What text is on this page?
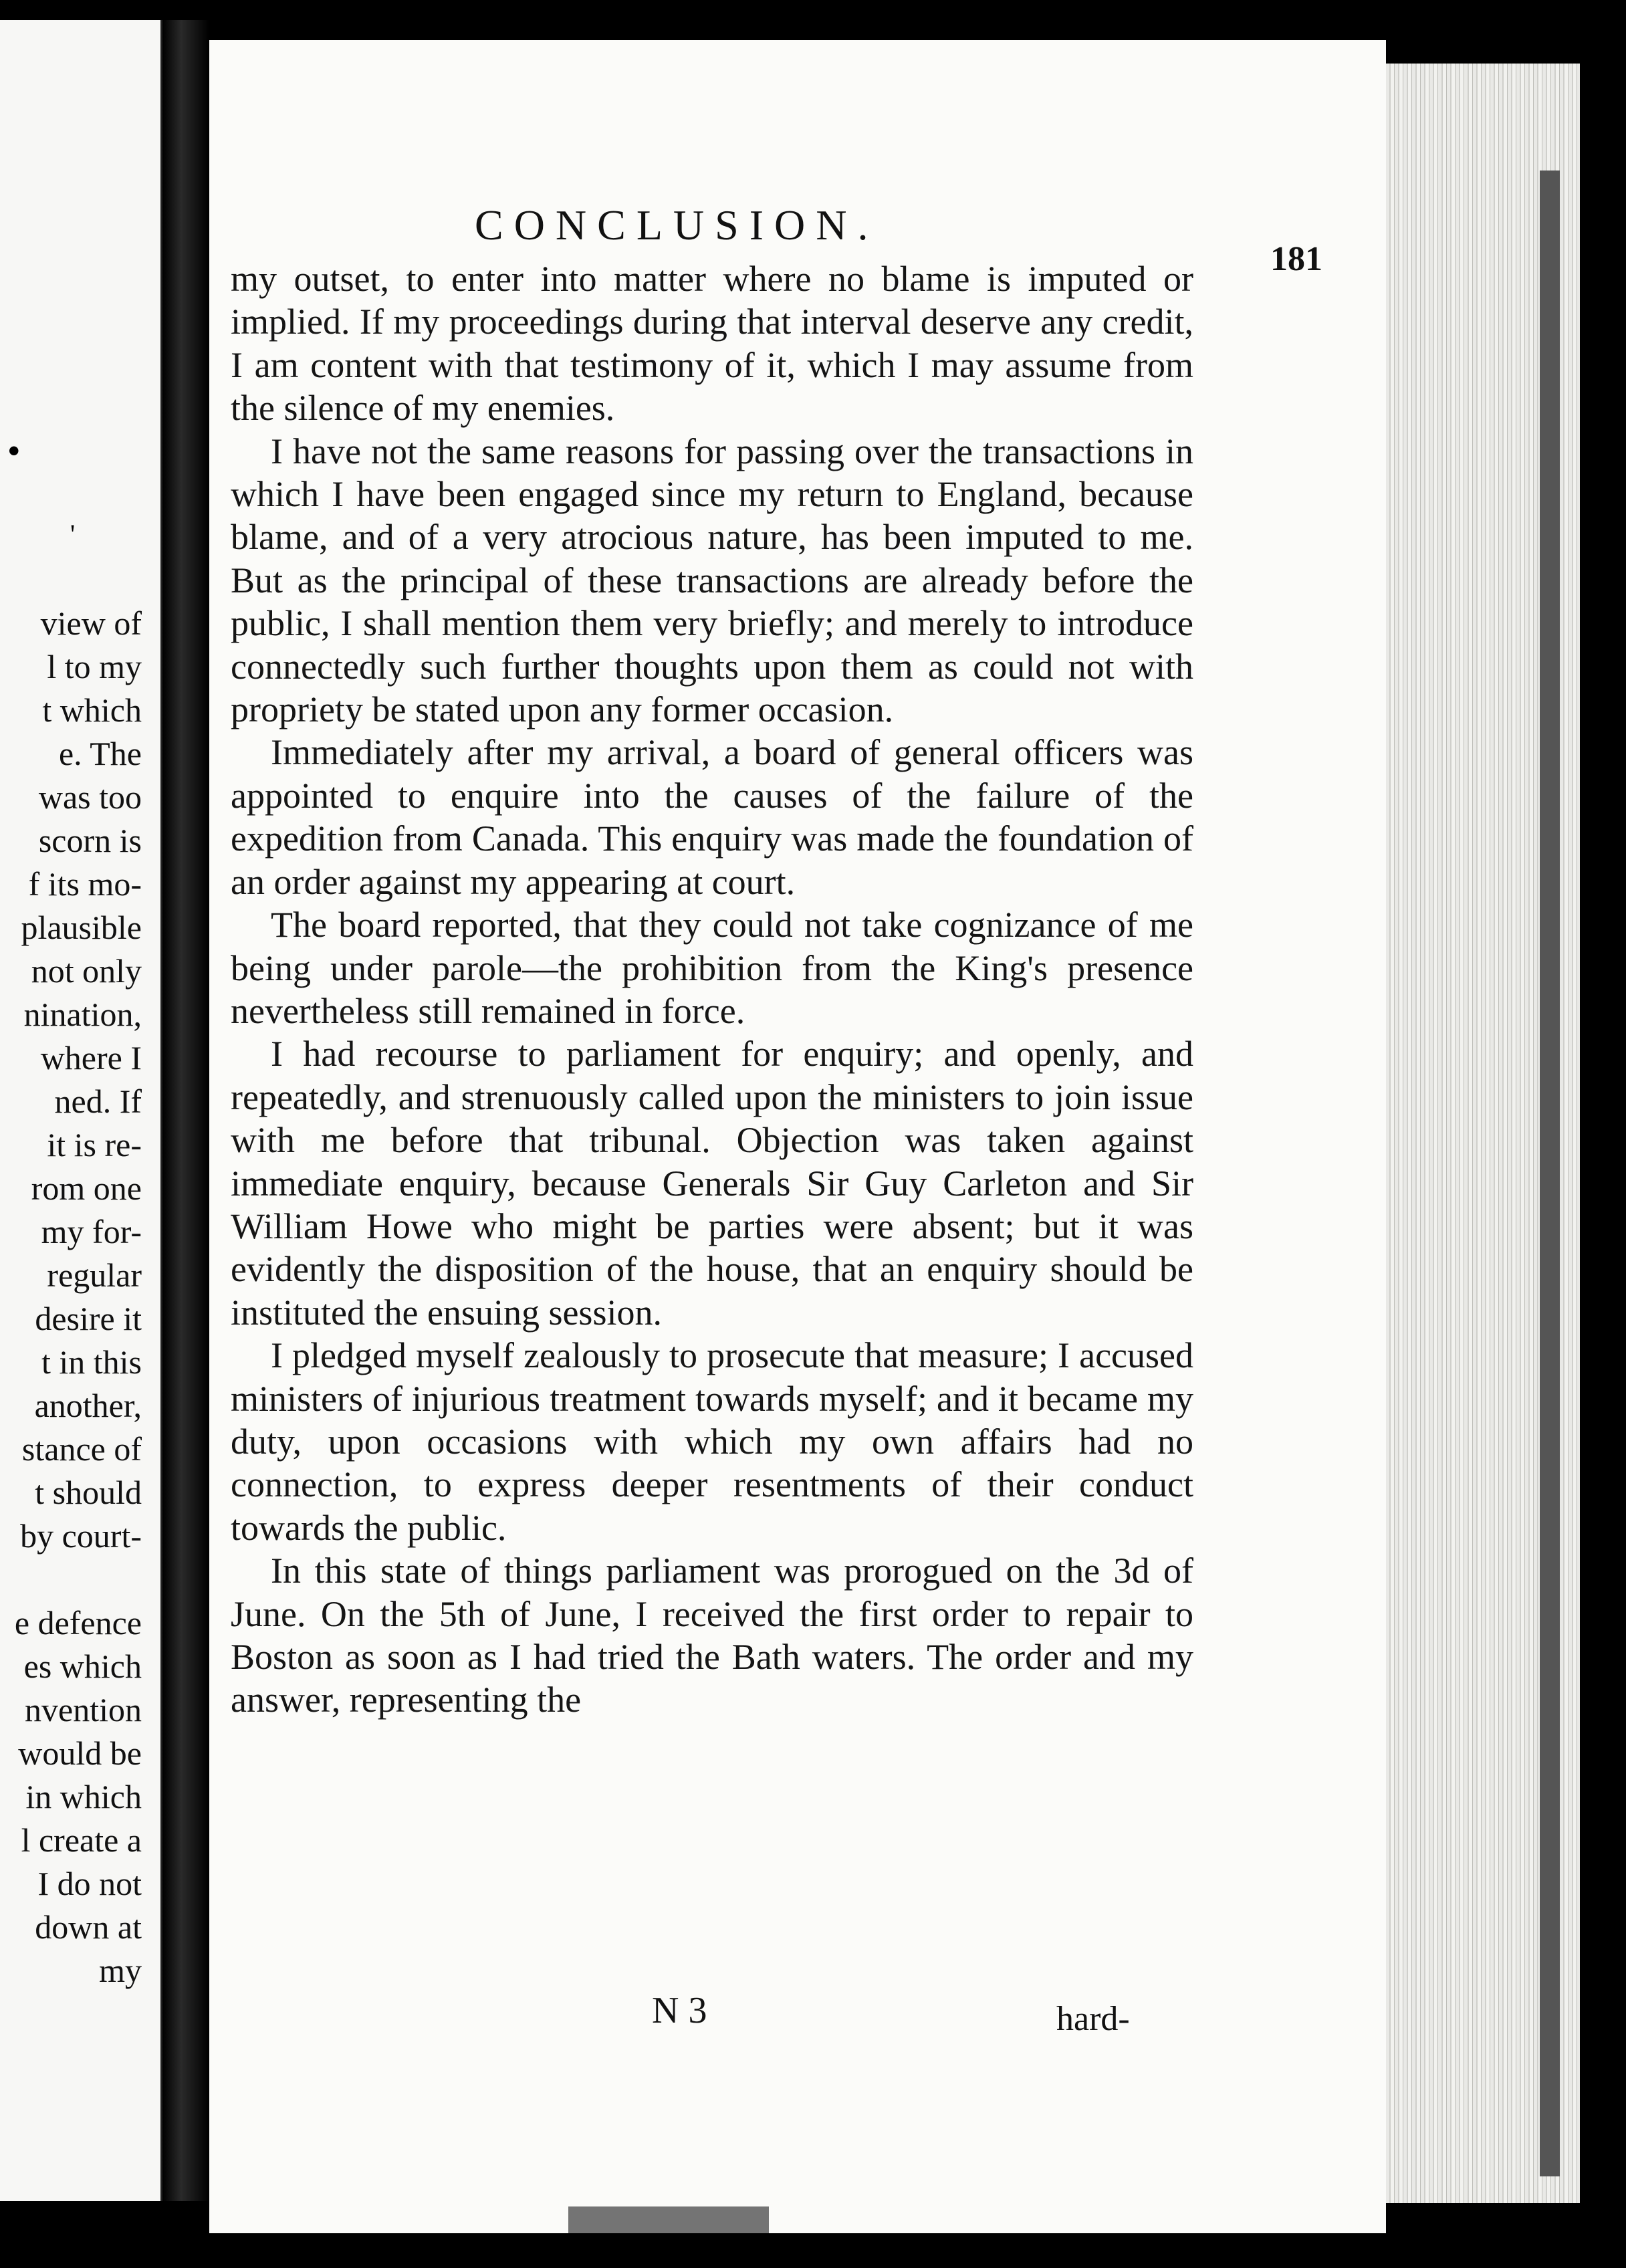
•
'
view of
l to my
t which
e. The
was too
scorn is
f its mo-
plausible
not only
nination,
where I
ned. If
it is re-
rom one
my for-
regular
desire it
t in this
another,
stance of
t should
by court-

e defence
es which
nvention
would be
in which
l create a
I do not
down at
my
CONCLUSION.
181

my outset, to enter into matter where no blame is imputed or implied. If my proceedings during that interval deserve any credit, I am content with that testimony of it, which I may assume from the silence of my enemies.

I have not the same reasons for passing over the transactions in which I have been engaged since my return to England, because blame, and of a very atrocious nature, has been imputed to me. But as the principal of these transactions are already before the public, I shall mention them very briefly; and merely to introduce connectedly such further thoughts upon them as could not with propriety be stated upon any former occasion.

Immediately after my arrival, a board of general officers was appointed to enquire into the causes of the failure of the expedition from Canada. This enquiry was made the foundation of an order against my appearing at court.

The board reported, that they could not take cognizance of me being under parole—the prohibition from the King's presence nevertheless still remained in force.

I had recourse to parliament for enquiry; and openly, and repeatedly, and strenuously called upon the ministers to join issue with me before that tribunal. Objection was taken against immediate enquiry, because Generals Sir Guy Carleton and Sir William Howe who might be parties were absent; but it was evidently the disposition of the house, that an enquiry should be instituted the ensuing session.

I pledged myself zealously to prosecute that measure; I accused ministers of injurious treatment towards myself; and it became my duty, upon occasions with which my own affairs had no connection, to express deeper resentments of their conduct towards the public.

In this state of things parliament was prorogued on the 3d of June. On the 5th of June, I received the first order to repair to Boston as soon as I had tried the Bath waters. The order and my answer, representing the

N 3	hard-
